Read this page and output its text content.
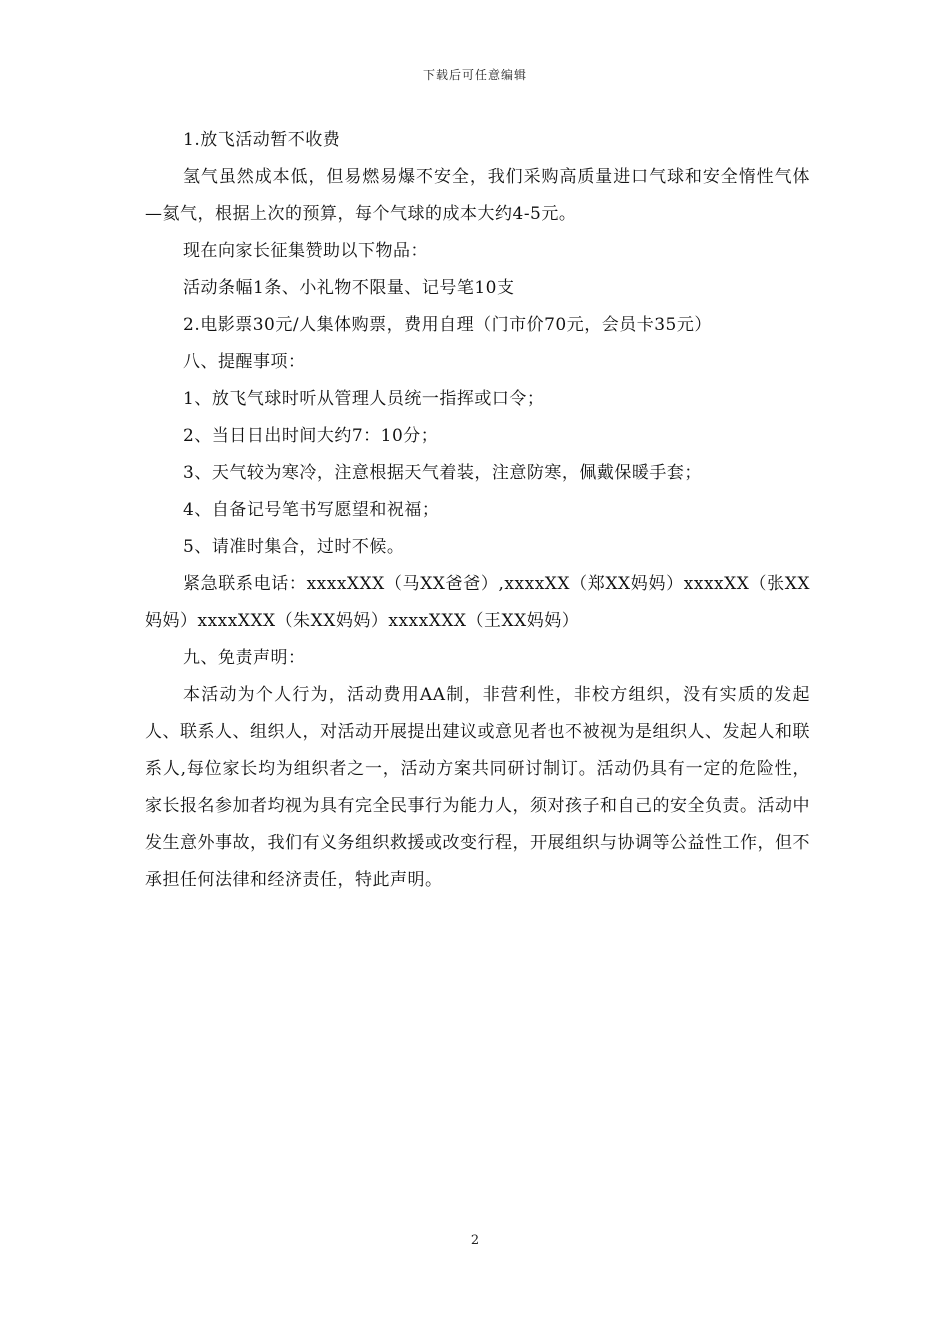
下载后可任意编辑

1.放飞活动暂不收费

氢气虽然成本低，但易燃易爆不安全，我们采购高质量进口气球和安全惰性气体—氦气，根据上次的预算，每个气球的成本大约4-5元。

现在向家长征集赞助以下物品：

活动条幅1条、小礼物不限量、记号笔10支

2.电影票30元/人集体购票，费用自理（门市价70元，会员卡35元）

八、提醒事项：

1、放飞气球时听从管理人员统一指挥或口令；

2、当日日出时间大约7：10分；

3、天气较为寒冷，注意根据天气着装，注意防寒，佩戴保暖手套；

4、自备记号笔书写愿望和祝福；

5、请准时集合，过时不候。

紧急联系电话：xxxxXXX（马XX爸爸）,xxxxXX（郑XX妈妈）xxxxXX（张XX妈妈）xxxxXXX（朱XX妈妈）xxxxXXX（王XX妈妈）

九、免责声明：

本活动为个人行为，活动费用AA制，非营利性，非校方组织，没有实质的发起人、联系人、组织人，对活动开展提出建议或意见者也不被视为是组织人、发起人和联系人,每位家长均为组织者之一，活动方案共同研讨制订。活动仍具有一定的危险性，家长报名参加者均视为具有完全民事行为能力人，须对孩子和自己的安全负责。活动中发生意外事故，我们有义务组织救援或改变行程，开展组织与协调等公益性工作，但不承担任何法律和经济责任，特此声明。

2
